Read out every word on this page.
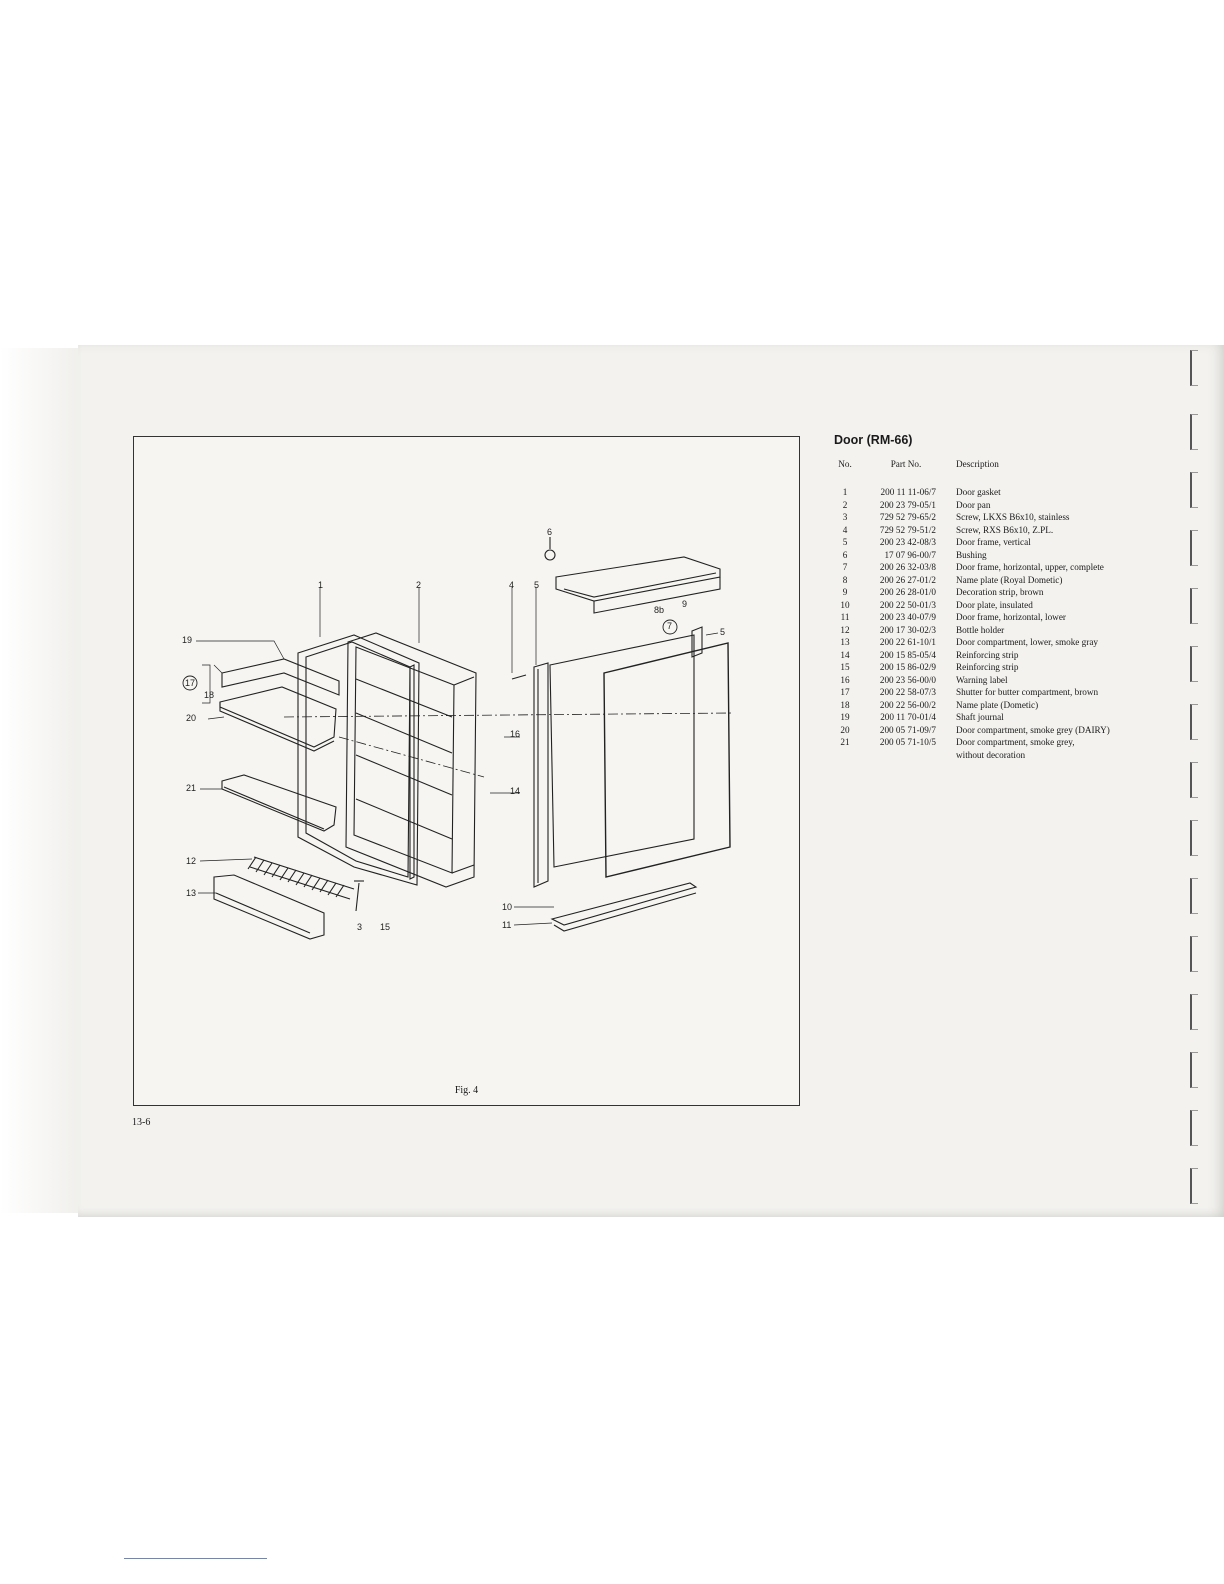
1	2
3
4 5
5
6
7
8b
9
10
11
12
13
14
15
16
17
18
19
20
21
Fig. 4
Door (RM-66)
No.	Part No.	Description
1	200 11 11-06/7	Door gasket
2	200 23 79-05/1	Door pan
3	729 52 79-65/2	Screw, LKXS B6x10, stainless
4	729 52 79-51/2	Screw, RXS B6x10, Z.PL.
5	200 23 42-08/3	Door frame, vertical
6	17 07 96-00/7	Bushing
7	200 26 32-03/8	Door frame, horizontal, upper, complete
8	200 26 27-01/2	Name plate (Royal Dometic)
9	200 26 28-01/0	Decoration strip, brown
10	200 22 50-01/3	Door plate, insulated
11	200 23 40-07/9	Door frame, horizontal, lower
12	200 17 30-02/3	Bottle holder
13	200 22 61-10/1	Door compartment, lower, smoke gray
14	200 15 85-05/4	Reinforcing strip
15	200 15 86-02/9	Reinforcing strip
16	200 23 56-00/0	Warning label
17	200 22 58-07/3	Shutter for butter compartment, brown
18	200 22 56-00/2	Name plate (Dometic)
19	200 11 70-01/4	Shaft journal
20	200 05 71-09/7	Door compartment, smoke grey (DAIRY)
21	200 05 71-10/5	Door compartment, smoke grey,
without decoration
13-6
